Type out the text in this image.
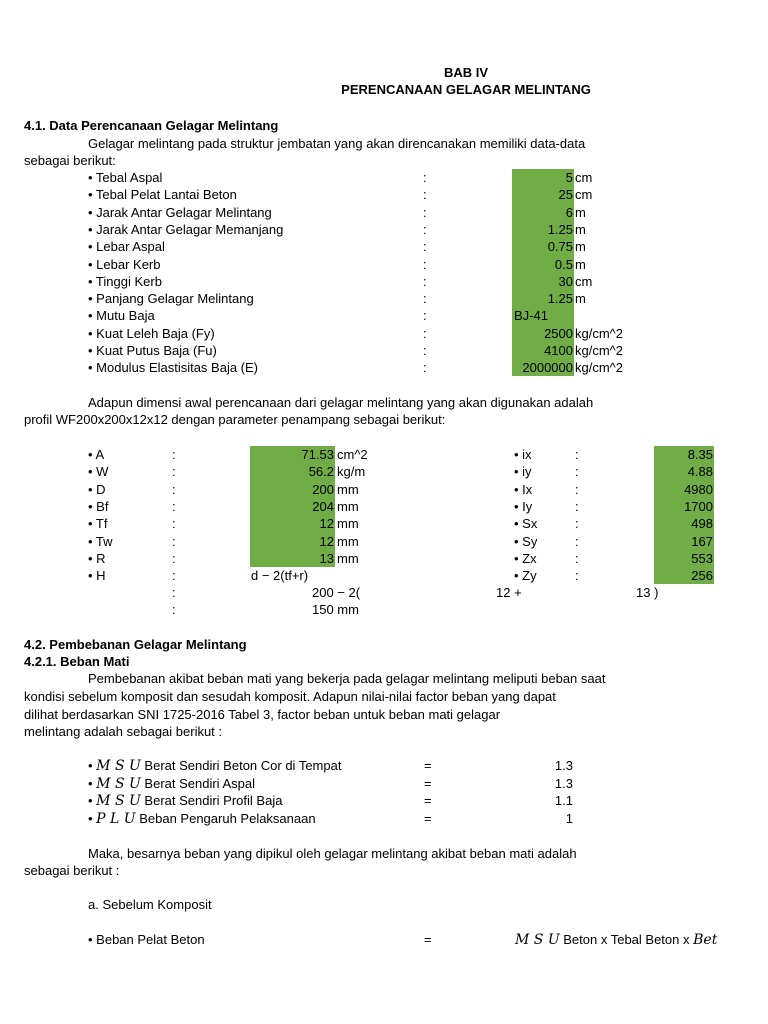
BAB IV
PERENCANAAN GELAGAR MELINTANG
4.1. Data Perencanaan Gelagar Melintang
Gelagar melintang pada struktur jembatan yang akan direncanakan memiliki data-data
sebagai berikut:
• Tebal Aspal	:	5 cm
• Tebal Pelat Lantai Beton	:	25 cm
• Jarak Antar Gelagar Melintang	:	6 m
• Jarak Antar Gelagar Memanjang	:	1.25 m
• Lebar Aspal	:	0.75 m
• Lebar Kerb	:	0.5 m
• Tinggi Kerb	:	30 cm
• Panjang Gelagar Melintang	:	1.25 m
• Mutu Baja	:	BJ-41
• Kuat Leleh Baja (Fy)	:	2500 kg/cm^2
• Kuat Putus Baja (Fu)	:	4100 kg/cm^2
• Modulus Elastisitas Baja (E)	:	2000000 kg/cm^2
Adapun dimensi awal perencanaan dari gelagar melintang yang akan digunakan adalah
profil WF200x200x12x12 dengan parameter penampang sebagai berikut:
• A	:	71.53 cm^2
• W	:	56.2 kg/m
• D	:	200 mm
• Bf	:	204 mm
• Tf	:	12 mm
• Tw	:	12 mm
• R	:	13 mm
• ix	:	8.35
• iy	:	4.88
• Ix	:	4980
• Iy	:	1700
• Sx	:	498
• Sy	:	167
• Zx	:	553
• Zy	:	256
• H	:	d − 2(tf+r)
:	200 − 2(	12 +	13 )
:	150 mm
4.2. Pembebanan Gelagar Melintang
4.2.1. Beban Mati
Pembebanan akibat beban mati yang bekerja pada gelagar melintang meliputi beban saat
kondisi sebelum komposit dan sesudah komposit. Adapun nilai-nilai factor beban yang dapat
dilihat berdasarkan SNI 1725-2016 Tabel 3, factor beban untuk beban mati gelagar
melintang adalah sebagai berikut :
• M S U Berat Sendiri Beton Cor di Tempat	=	1.3
• M S U Berat Sendiri Aspal	=	1.3
• M S U Berat Sendiri Profil Baja	=	1.1
• P L U Beban Pengaruh Pelaksanaan	=	1
Maka, besarnya beban yang dipikul oleh gelagar melintang akibat beban mati adalah
sebagai berikut :
a. Sebelum Komposit
• Beban Pelat Beton	=	M S U Beton x Tebal Beton x Bet
